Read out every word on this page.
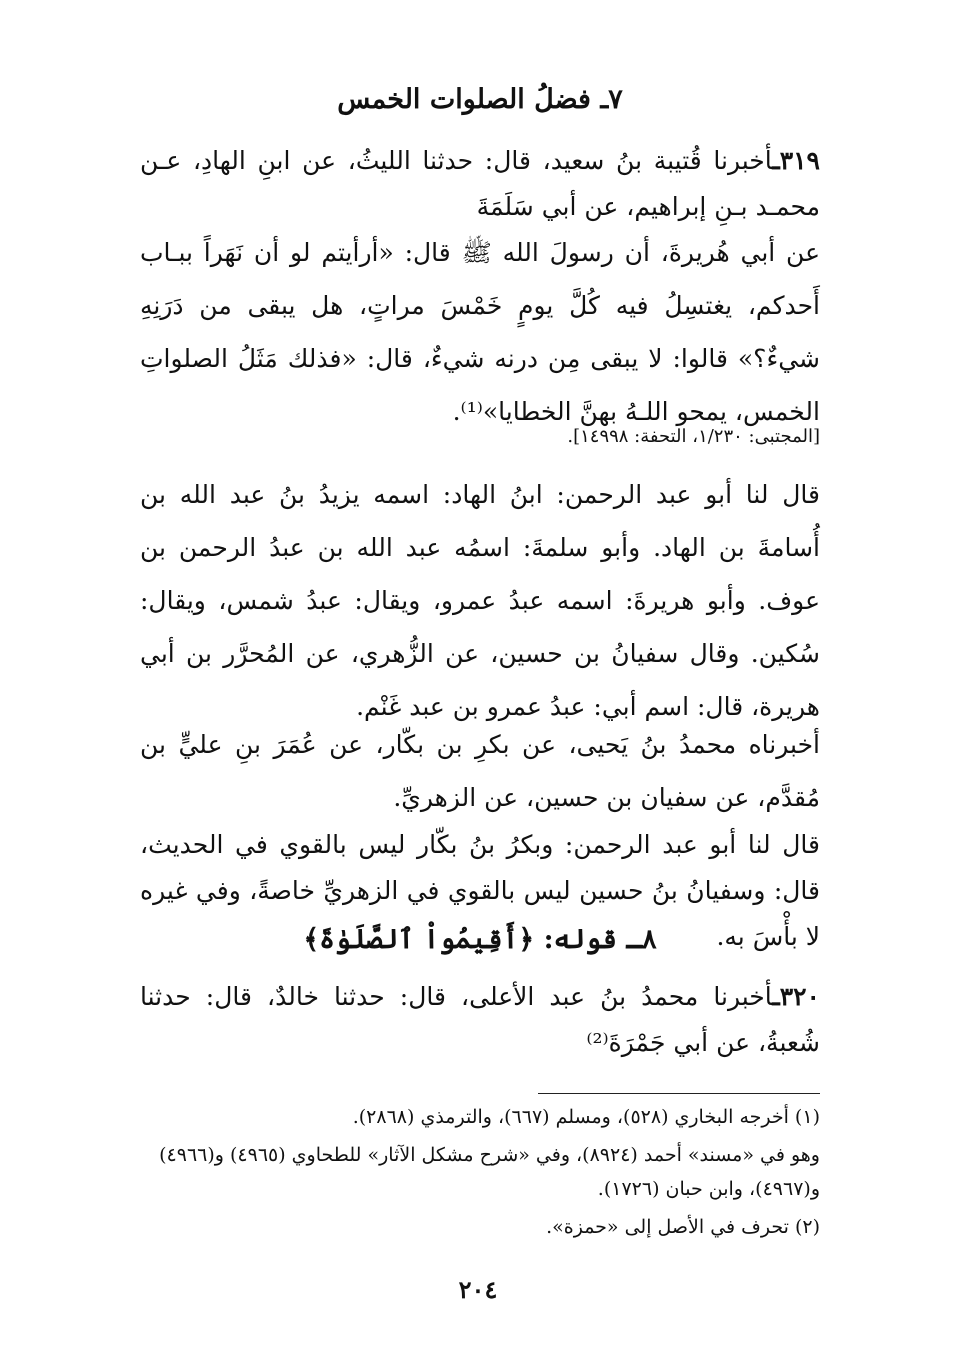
٧ـ فضلُ الصلوات الخمس

٣١٩ـأخبرنا قُتيبة بنُ سعيد، قال: حدثنا الليثُ، عن ابنِ الهادِ، عـن محمـد بـنِ إبراهيم، عن أبي سَلَمَةَ

عن أبي هُريرةَ، أن رسولَ الله ﷺ قال: «أرأيتم لو أن نَهَراً ببـاب أَحدكم، يغتسِلُ فيه كُلَّ يومٍ خَمْسَ مراتٍ، هل يبقى من دَرَنِهِ شيءٌ؟» قالوا: لا يبقى مِن درنه شيءٌ، قال: «فذلك مَثَلُ الصلواتِ الخمس، يمحو اللـهُ بهنَّ الخطايا»⁽¹⁾.

[المجتبى: ١/٢٣٠، التحفة: ١٤٩٩٨].

قال لنا أبو عبد الرحمن: ابنُ الهاد: اسمه يزيدُ بنُ عبد الله بن أُسامةَ بن الهاد. وأبو سلمةَ: اسمُه عبد الله بن عبدُ الرحمن بن عوف. وأبو هريرةَ: اسمه عبدُ عمرو، ويقال: عبدُ شمس، ويقال: سُكين. وقال سفيانُ بن حسين، عن الزُّهري، عن المُحرَّر بن أبي هريرة، قال: اسم أبي: عبدُ عمرو بن عبد غَنْم.

أخبرناه محمدُ بنُ يَحيى، عن بكرِ بن بكّار، عن عُمَرَ بنِ عليٍّ بن مُقدَّم، عن سفيان بن حسين، عن الزهريِّ.

قال لنا أبو عبد الرحمن: وبكرُ بنُ بكّار ليس بالقوي في الحديث، قال: وسفيانُ بنُ حسين ليس بالقوي في الزهريِّ خاصةً، وفي غيره لا بأْسَ به.

٨ـ قوله: ﴿أَقِيمُواْ ٱلصَّلَوٰةَ﴾

٣٢٠ـأخبرنا محمدُ بنُ عبد الأعلى، قال: حدثنا خالدٌ، قال: حدثنا شُعبةُ، عن أبي جَمْرَةَ⁽²⁾

(١) أخرجه البخاري (٥٢٨)، ومسلم (٦٦٧)، والترمذي (٢٨٦٨).
وهو في «مسند» أحمد (٨٩٢٤)، وفي «شرح مشكل الآثار» للطحاوي (٤٩٦٥) و(٤٩٦٦) و(٤٩٦٧)، وابن حبان (١٧٢٦).
(٢) تحرف في الأصل إلى «حمزة».
٢٠٤
